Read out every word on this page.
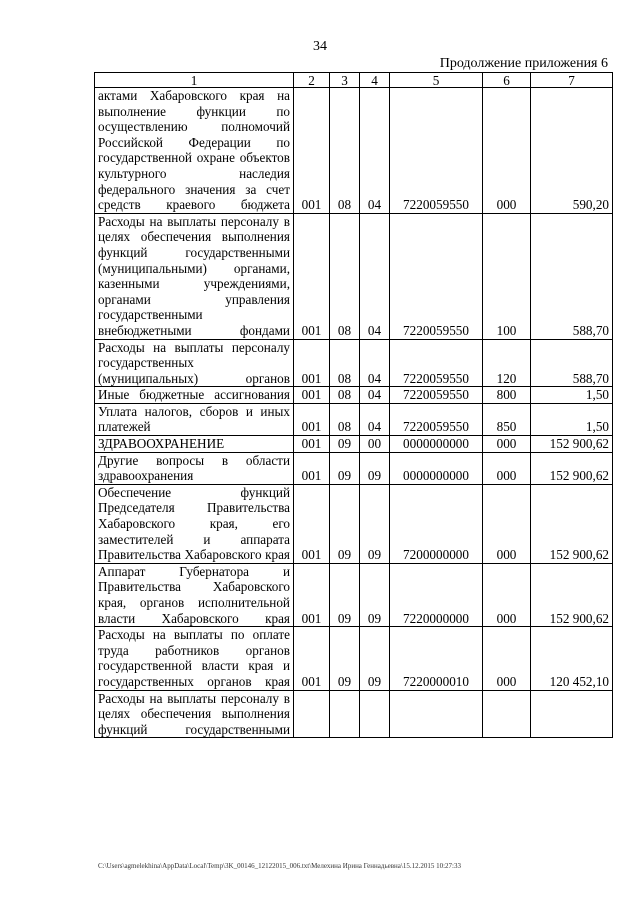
34
Продолжение приложения 6
1	2	3	4	5	6	7
актами Хабаровского края на выполнение функции по осуществлению полномочий Российской Федерации по государственной охране объектов культурного наследия федерального значения за счет средств краевого бюджета	001	08	04	7220059550	000	590,20
Расходы на выплаты персоналу в целях обеспечения выполнения функций государственными (муниципальными) органами, казенными учреждениями, органами управления государственными внебюджетными фондами	001	08	04	7220059550	100	588,70
Расходы на выплаты персоналу государственных (муниципальных) органов	001	08	04	7220059550	120	588,70
Иные бюджетные ассигнования	001	08	04	7220059550	800	1,50
Уплата налогов, сборов и иных платежей	001	08	04	7220059550	850	1,50
ЗДРАВООХРАНЕНИЕ	001	09	00	0000000000	000	152 900,62
Другие вопросы в области здравоохранения	001	09	09	0000000000	000	152 900,62
Обеспечение функций Председателя Правительства Хабаровского края, его заместителей и аппарата Правительства Хабаровского края	001	09	09	7200000000	000	152 900,62
Аппарат Губернатора и Правительства Хабаровского края, органов исполнительной власти Хабаровского края	001	09	09	7220000000	000	152 900,62
Расходы на выплаты по оплате труда работников органов государственной власти края и государственных органов края	001	09	09	7220000010	000	120 452,10
Расходы на выплаты персоналу в целях обеспечения выполнения функций государственными						
C:\Users\agmelekhina\AppData\Local\Temp\3K_00146_12122015_006.txt\Мелехина Ирина Геннадьевна\15.12.2015 10:27:33
